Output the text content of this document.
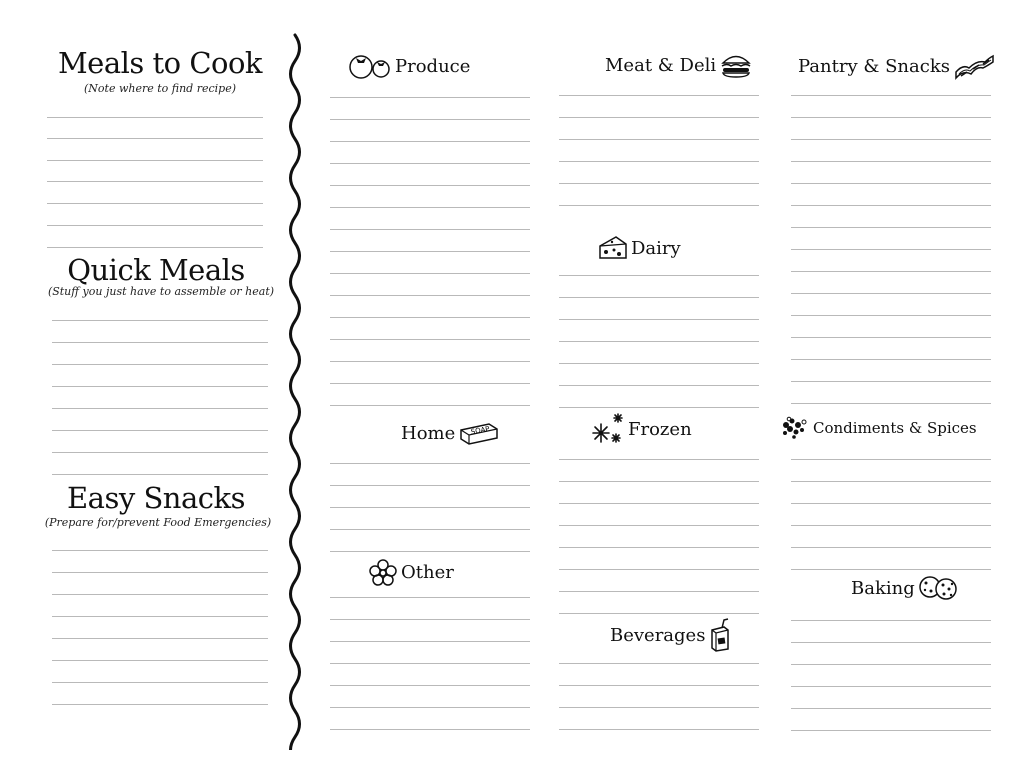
Meals to Cook
(Note where to find recipe)
Quick Meals
(Stuff you just have to assemble or heat)
Easy Snacks
(Prepare for/prevent Food Emergencies)
Produce
Home SOAP
Other
Meat & Deli
Dairy
Frozen
Beverages
Pantry & Snacks
Condiments & Spices
Baking
